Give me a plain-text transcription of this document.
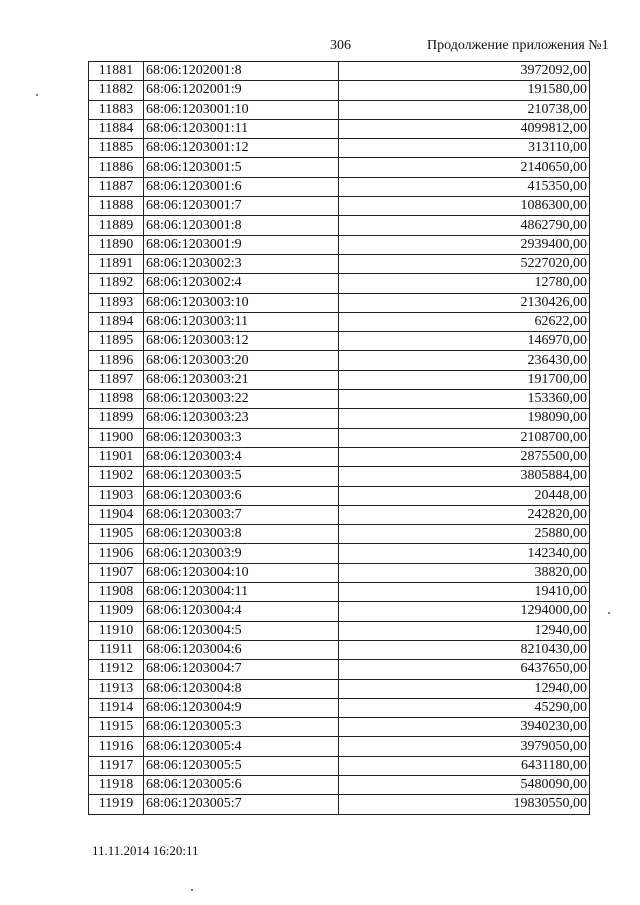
306	Продолжение приложения №1
11881	68:06:1202001:8	3972092,00
11882	68:06:1202001:9	191580,00
11883	68:06:1203001:10	210738,00
11884	68:06:1203001:11	4099812,00
11885	68:06:1203001:12	313110,00
11886	68:06:1203001:5	2140650,00
11887	68:06:1203001:6	415350,00
11888	68:06:1203001:7	1086300,00
11889	68:06:1203001:8	4862790,00
11890	68:06:1203001:9	2939400,00
11891	68:06:1203002:3	5227020,00
11892	68:06:1203002:4	12780,00
11893	68:06:1203003:10	2130426,00
11894	68:06:1203003:11	62622,00
11895	68:06:1203003:12	146970,00
11896	68:06:1203003:20	236430,00
11897	68:06:1203003:21	191700,00
11898	68:06:1203003:22	153360,00
11899	68:06:1203003:23	198090,00
11900	68:06:1203003:3	2108700,00
11901	68:06:1203003:4	2875500,00
11902	68:06:1203003:5	3805884,00
11903	68:06:1203003:6	20448,00
11904	68:06:1203003:7	242820,00
11905	68:06:1203003:8	25880,00
11906	68:06:1203003:9	142340,00
11907	68:06:1203004:10	38820,00
11908	68:06:1203004:11	19410,00
11909	68:06:1203004:4	1294000,00
11910	68:06:1203004:5	12940,00
11911	68:06:1203004:6	8210430,00
11912	68:06:1203004:7	6437650,00
11913	68:06:1203004:8	12940,00
11914	68:06:1203004:9	45290,00
11915	68:06:1203005:3	3940230,00
11916	68:06:1203005:4	3979050,00
11917	68:06:1203005:5	6431180,00
11918	68:06:1203005:6	5480090,00
11919	68:06:1203005:7	19830550,00
11.11.2014 16:20:11
